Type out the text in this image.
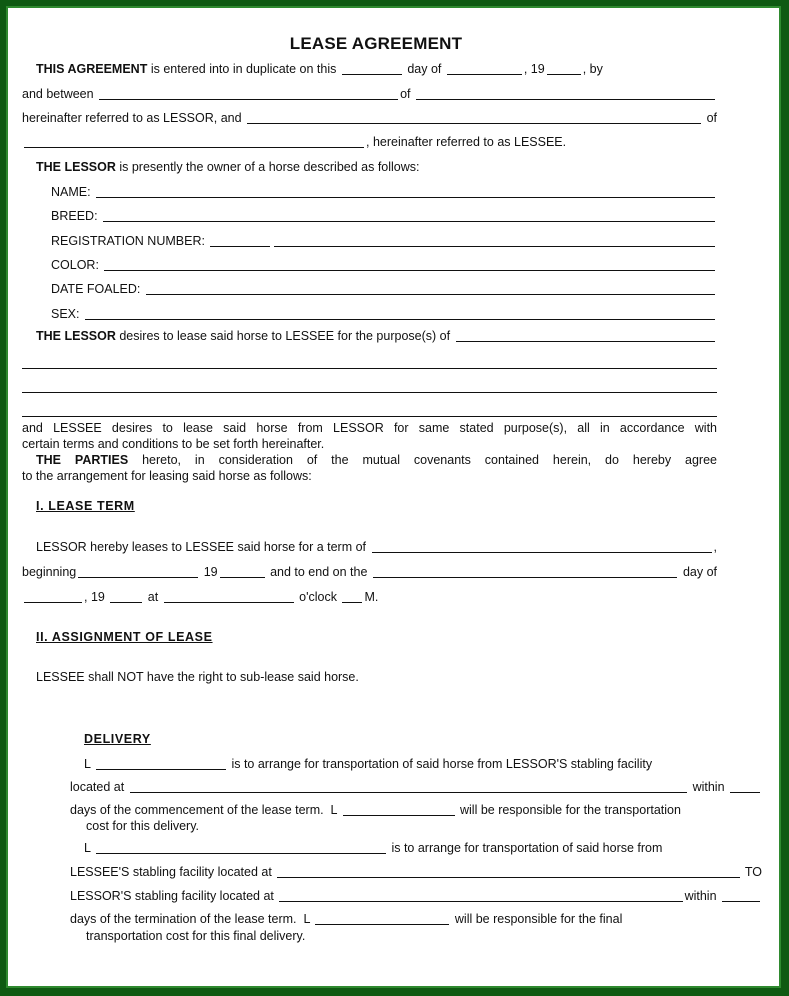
LEASE AGREEMENT
and LESSEE desires to lease said horse from LESSOR for same stated purpose(s), all in accordance with
certain terms and conditions to be set forth hereinafter.
THE PARTIES hereto, in consideration of the mutual covenants contained herein, do hereby agree
to the arrangement for leasing said horse as follows:
THIS AGREEMENT is entered into in duplicate on this	day of	, 19	, by
and between	of
hereinafter referred to as LESSOR, and	of
, hereinafter referred to as LESSEE.
THE LESSOR is presently the owner of a horse described as follows:
NAME:
BREED:
REGISTRATION NUMBER:
COLOR:
DATE FOALED:
SEX:
THE LESSOR desires to lease said horse to LESSEE for the purpose(s) of
I. LEASE TERM
LESSOR hereby leases to LESSEE said horse for a term of	,
beginning	19	and to end on the	day of
, 19	at	o'clock M.
II. ASSIGNMENT OF LEASE
LESSEE shall NOT have the right to sub-lease said horse.
DELIVERY
L	is to arrange for transportation of said horse from LESSOR'S stabling facility
located at	within
days of the commencement of the lease term.  L	will be responsible for the transportation
cost for this delivery.
L	is to arrange for transportation of said horse from
LESSEE'S stabling facility located at	TO
LESSOR'S stabling facility located at	within
days of the termination of the lease term.  L	will be responsible for the final
transportation cost for this final delivery.
